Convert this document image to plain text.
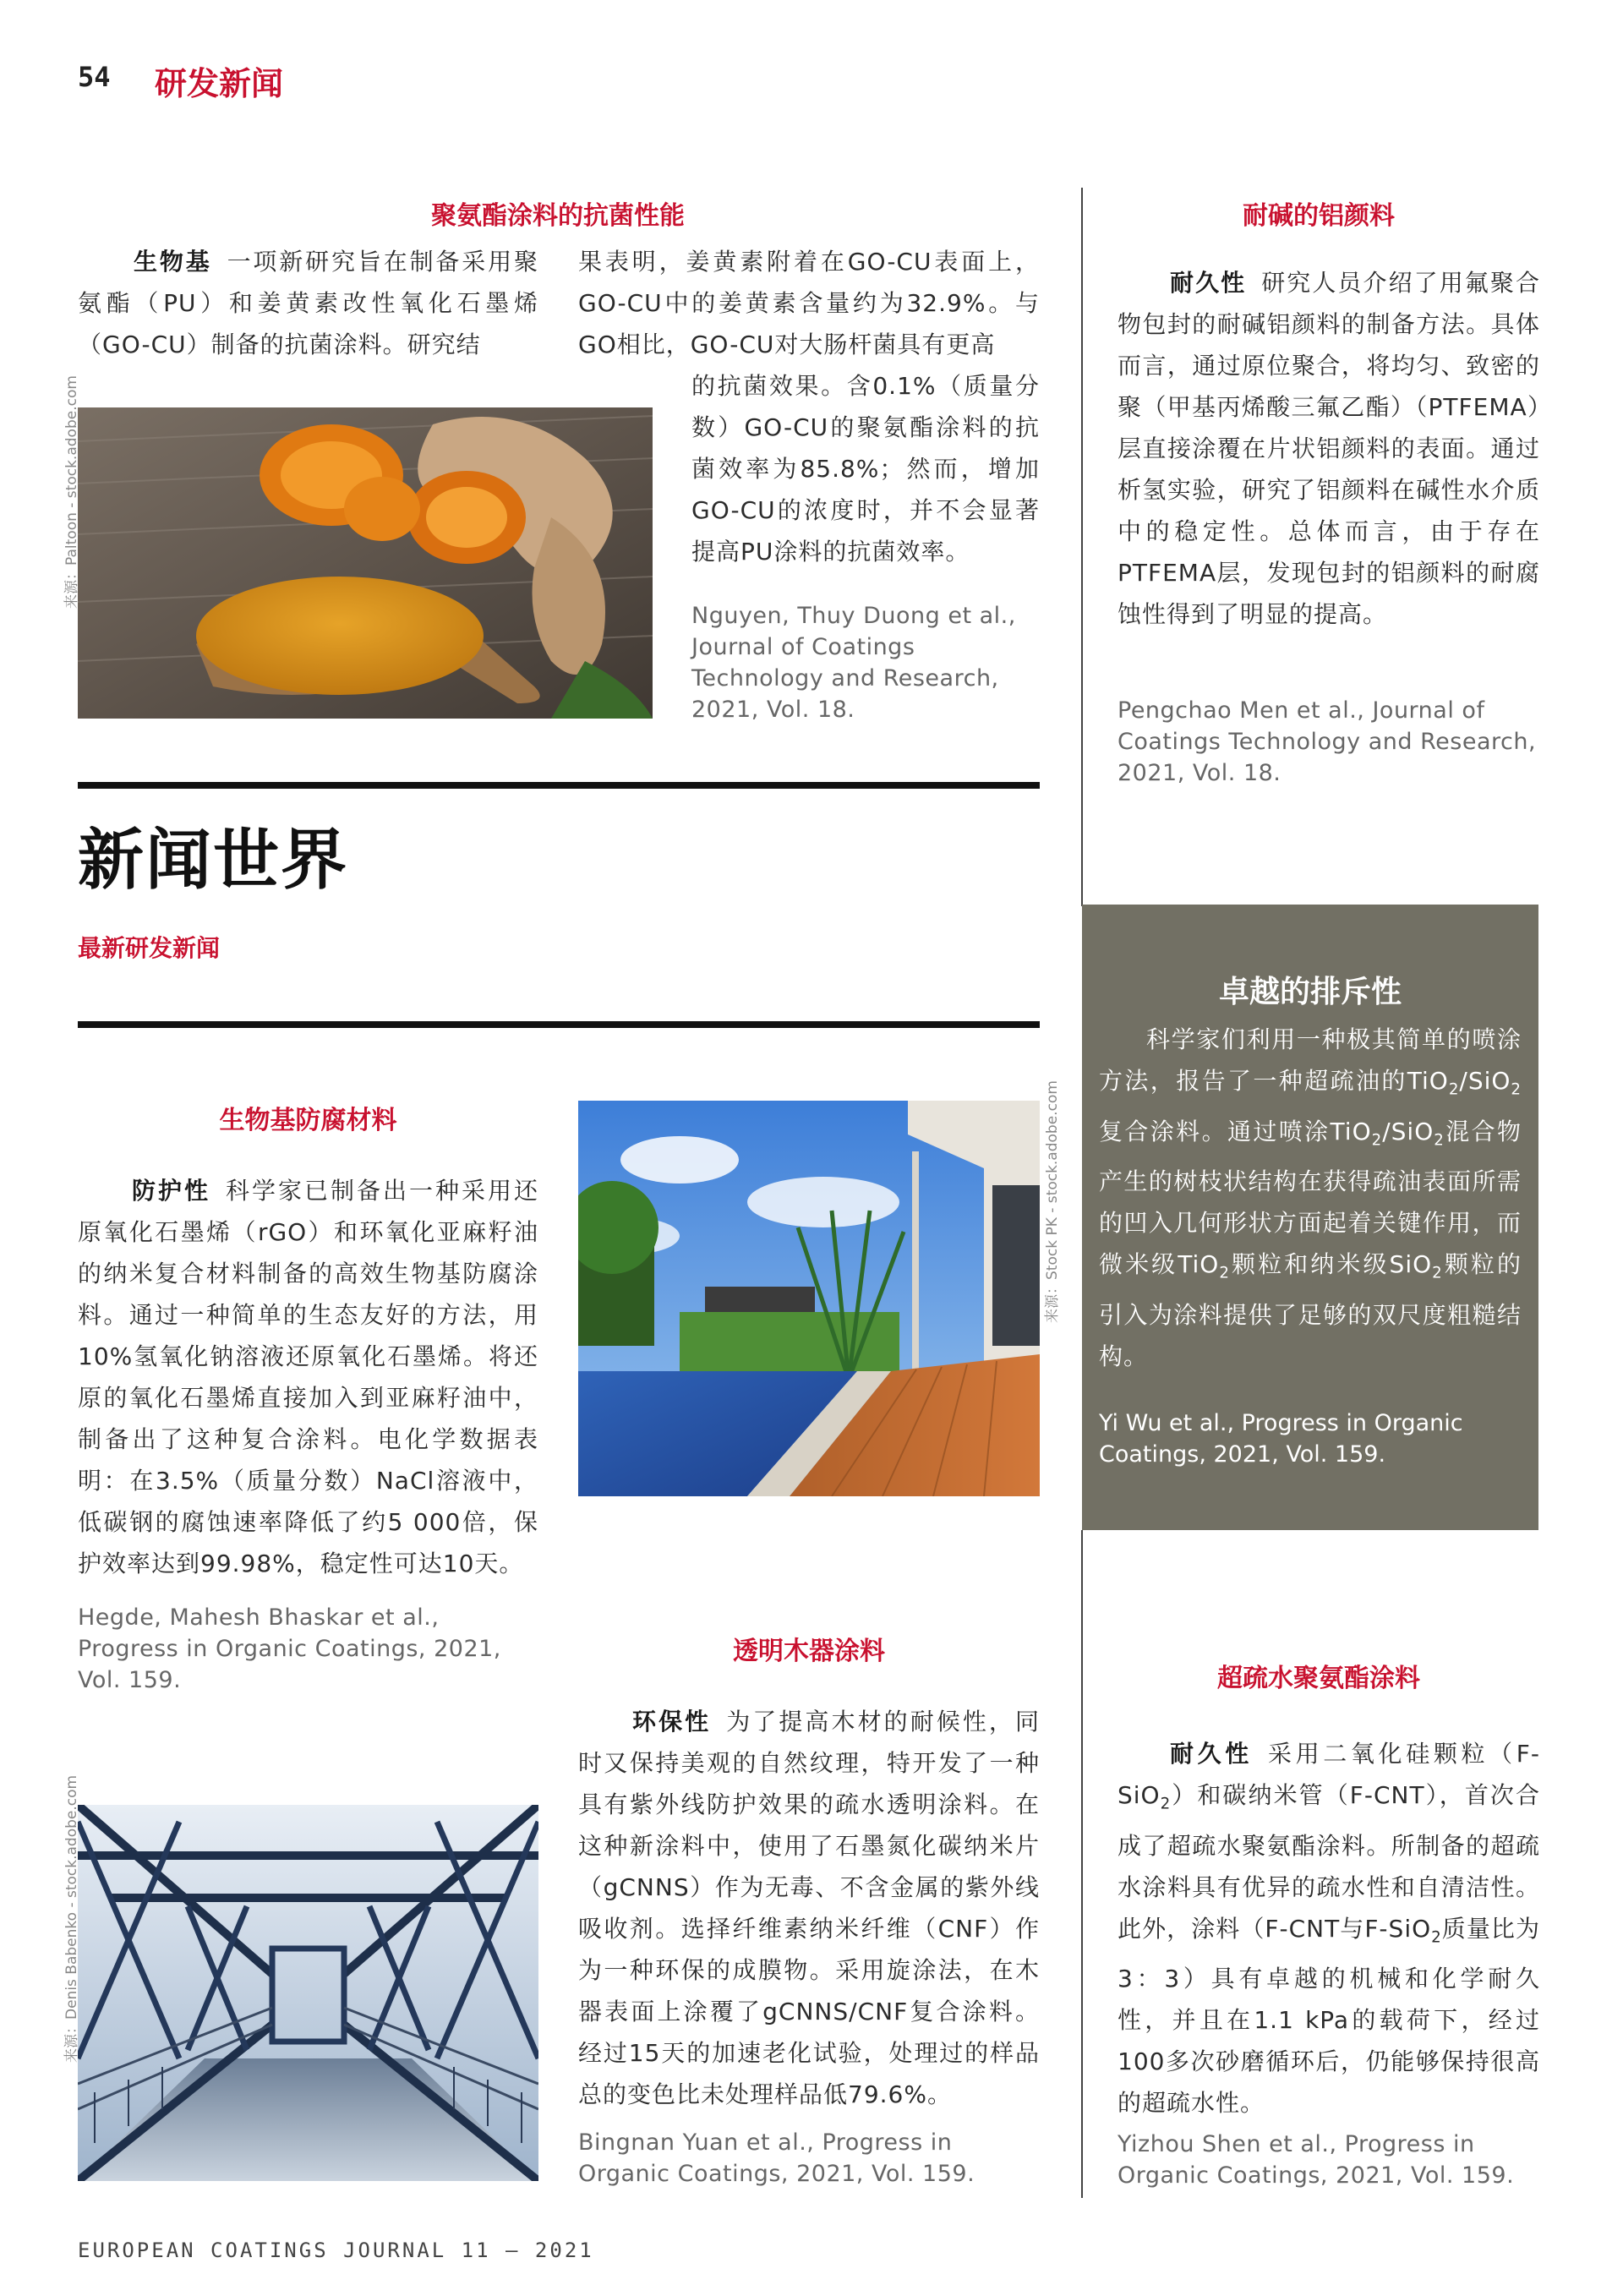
54 研发新闻
聚氨酯涂料的抗菌性能
生物基 一项新研究旨在制备采用聚氨酯（PU）和姜黄素改性氧化石墨烯（GO-CU）制备的抗菌涂料。研究结
果表明，姜黄素附着在GO-CU表面上，GO-CU中的姜黄素含量约为32.9%。与GO相比，GO-CU对大肠杆菌具有更高
的抗菌效果。含0.1%（质量分数）GO-CU的聚氨酯涂料的抗菌效率为85.8%；然而，增加GO-CU的浓度时，并不会显著提高PU涂料的抗菌效率。
Nguyen, Thuy Duong et al., Journal of Coatings Technology and Research, 2021, Vol. 18.
来源：Paltoon - stock.adobe.com
耐碱的铝颜料
耐久性 研究人员介绍了用氟聚合物包封的耐碱铝颜料的制备方法。具体而言，通过原位聚合，将均匀、致密的聚（甲基丙烯酸三氟乙酯）（PTFEMA）层直接涂覆在片状铝颜料的表面。通过析氢实验，研究了铝颜料在碱性水介质中的稳定性。总体而言，由于存在PTFEMA层，发现包封的铝颜料的耐腐蚀性得到了明显的提高。
Pengchao Men et al., Journal of Coatings Technology and Research, 2021, Vol. 18.
新闻世界
最新研发新闻
卓越的排斥性
科学家们利用一种极其简单的喷涂方法，报告了一种超疏油的TiO$_2$/SiO$_2$复合涂料。通过喷涂TiO$_2$/SiO$_2$混合物产生的树枝状结构在获得疏油表面所需的凹入几何形状方面起着关键作用，而微米级TiO$_2$颗粒和纳米级SiO$_2$颗粒的引入为涂料提供了足够的双尺度粗糙结构。
Yi Wu et al., Progress in Organic Coatings, 2021, Vol. 159.
生物基防腐材料
防护性 科学家已制备出一种采用还原氧化石墨烯（rGO）和环氧化亚麻籽油的纳米复合材料制备的高效生物基防腐涂料。通过一种简单的生态友好的方法，用10%氢氧化钠溶液还原氧化石墨烯。将还原的氧化石墨烯直接加入到亚麻籽油中，制备出了这种复合涂料。电化学数据表明：在3.5%（质量分数）NaCl溶液中，低碳钢的腐蚀速率降低了约5 000倍，保护效率达到99.98%，稳定性可达10天。
Hegde, Mahesh Bhaskar et al., Progress in Organic Coatings, 2021, Vol. 159.
来源：Stock PK - stock.adobe.com
透明木器涂料
环保性 为了提高木材的耐候性，同时又保持美观的自然纹理，特开发了一种具有紫外线防护效果的疏水透明涂料。在这种新涂料中，使用了石墨氮化碳纳米片（gCNNS）作为无毒、不含金属的紫外线吸收剂。选择纤维素纳米纤维（CNF）作为一种环保的成膜物。采用旋涂法，在木器表面上涂覆了gCNNS/CNF复合涂料。经过15天的加速老化试验，处理过的样品总的变色比未处理样品低79.6%。
Bingnan Yuan et al., Progress in Organic Coatings, 2021, Vol. 159.
来源：Denis Babenko - stock.adobe.com
超疏水聚氨酯涂料
耐久性 采用二氧化硅颗粒（F-SiO$_2$）和碳纳米管（F-CNT），首次合成了超疏水聚氨酯涂料。所制备的超疏水涂料具有优异的疏水性和自清洁性。此外，涂料（F-CNT与F-SiO$_2$质量比为3：3）具有卓越的机械和化学耐久性，并且在1.1 kPa的载荷下，经过100多次砂磨循环后，仍能够保持很高的超疏水性。
Yizhou Shen et al., Progress in Organic Coatings, 2021, Vol. 159.
EUROPEAN COATINGS JOURNAL 11 – 2021
